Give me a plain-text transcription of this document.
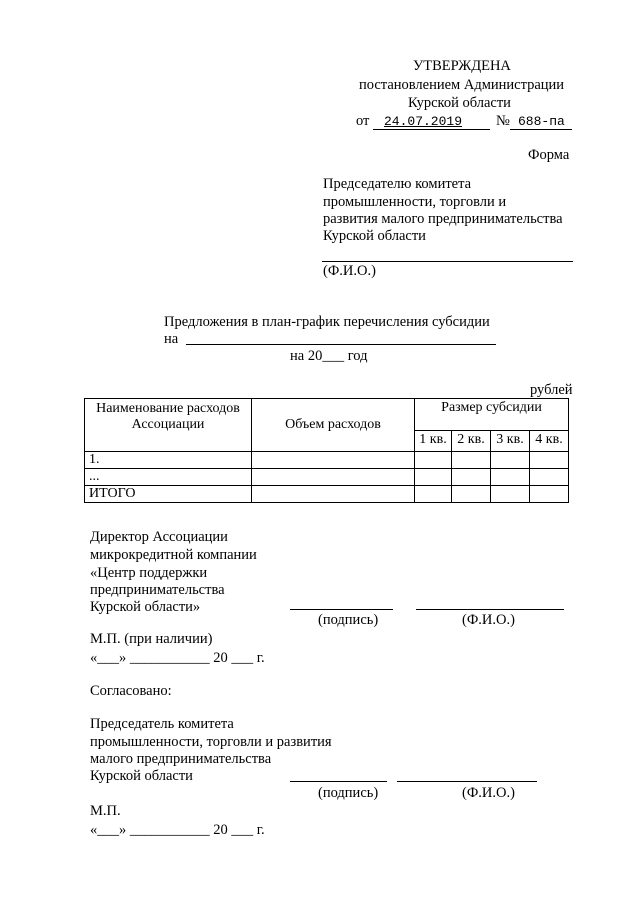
УТВЕРЖДЕНА
постановлением Администрации
Курской области
от 24.07.2019 № 688-па
Форма
Председателю комитета
промышленности, торговли и
развития малого предпринимательства
Курской области
(Ф.И.О.)
Предложения в план-график перечисления субсидии
на
на 20___ год
рублей
Наименование расходов
Ассоциации	Объем расходов	Размер субсидии			
		1 кв.	2 кв.	3 кв.	4 кв.
1.					
...					
ИТОГО					
Директор Ассоциации
микрокредитной компании
«Центр поддержки
предпринимательства
Курской области»
(подпись)	(Ф.И.О.)
М.П. (при наличии)
«___» ___________ 20 ___ г.
Согласовано:
Председатель комитета
промышленности, торговли и развития
малого предпринимательства
Курской области
(подпись)	(Ф.И.О.)
М.П.
«___» ___________ 20 ___ г.
